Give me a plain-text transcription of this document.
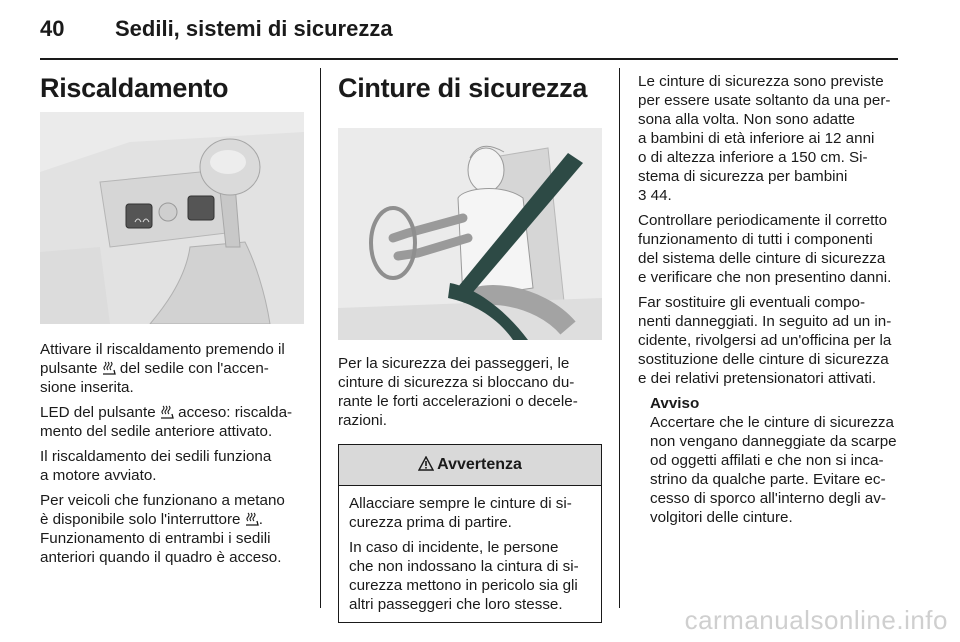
40 Sedili, sistemi di sicurezza
Riscaldamento

Attivare il riscaldamento premendo il
pulsante del sedile con l'accen-
sione inserita.

LED del pulsante acceso: riscalda-
mento del sedile anteriore attivato.

Il riscaldamento dei sedili funziona
a motore avviato.

Per veicoli che funzionano a metano
è disponibile solo l'interruttore .
Funzionamento di entrambi i sedili
anteriori quando il quadro è acceso.

Cinture di sicurezza

Per la sicurezza dei passeggeri, le
cinture di sicurezza si bloccano du-
rante le forti accelerazioni o decele-
razioni.

Avvertenza

Allacciare sempre le cinture di si-
curezza prima di partire.

In caso di incidente, le persone
che non indossano la cintura di si-
curezza mettono in pericolo sia gli
altri passeggeri che loro stesse.

Le cinture di sicurezza sono previste
per essere usate soltanto da una per-
sona alla volta. Non sono adatte
a bambini di età inferiore ai 12 anni
o di altezza inferiore a 150 cm. Si-
stema di sicurezza per bambini
3 44.

Controllare periodicamente il corretto
funzionamento di tutti i componenti
del sistema delle cinture di sicurezza
e verificare che non presentino danni.

Far sostituire gli eventuali compo-
nenti danneggiati. In seguito ad un in-
cidente, rivolgersi ad un'officina per la
sostituzione delle cinture di sicurezza
e dei relativi pretensionatori attivati.

Avviso

Accertare che le cinture di sicurezza
non vengano danneggiate da scarpe
od oggetti affilati e che non si inca-
strino da qualche parte. Evitare ec-
cesso di sporco all'interno degli av-
volgitori delle cinture.

carmanualsonline.info
